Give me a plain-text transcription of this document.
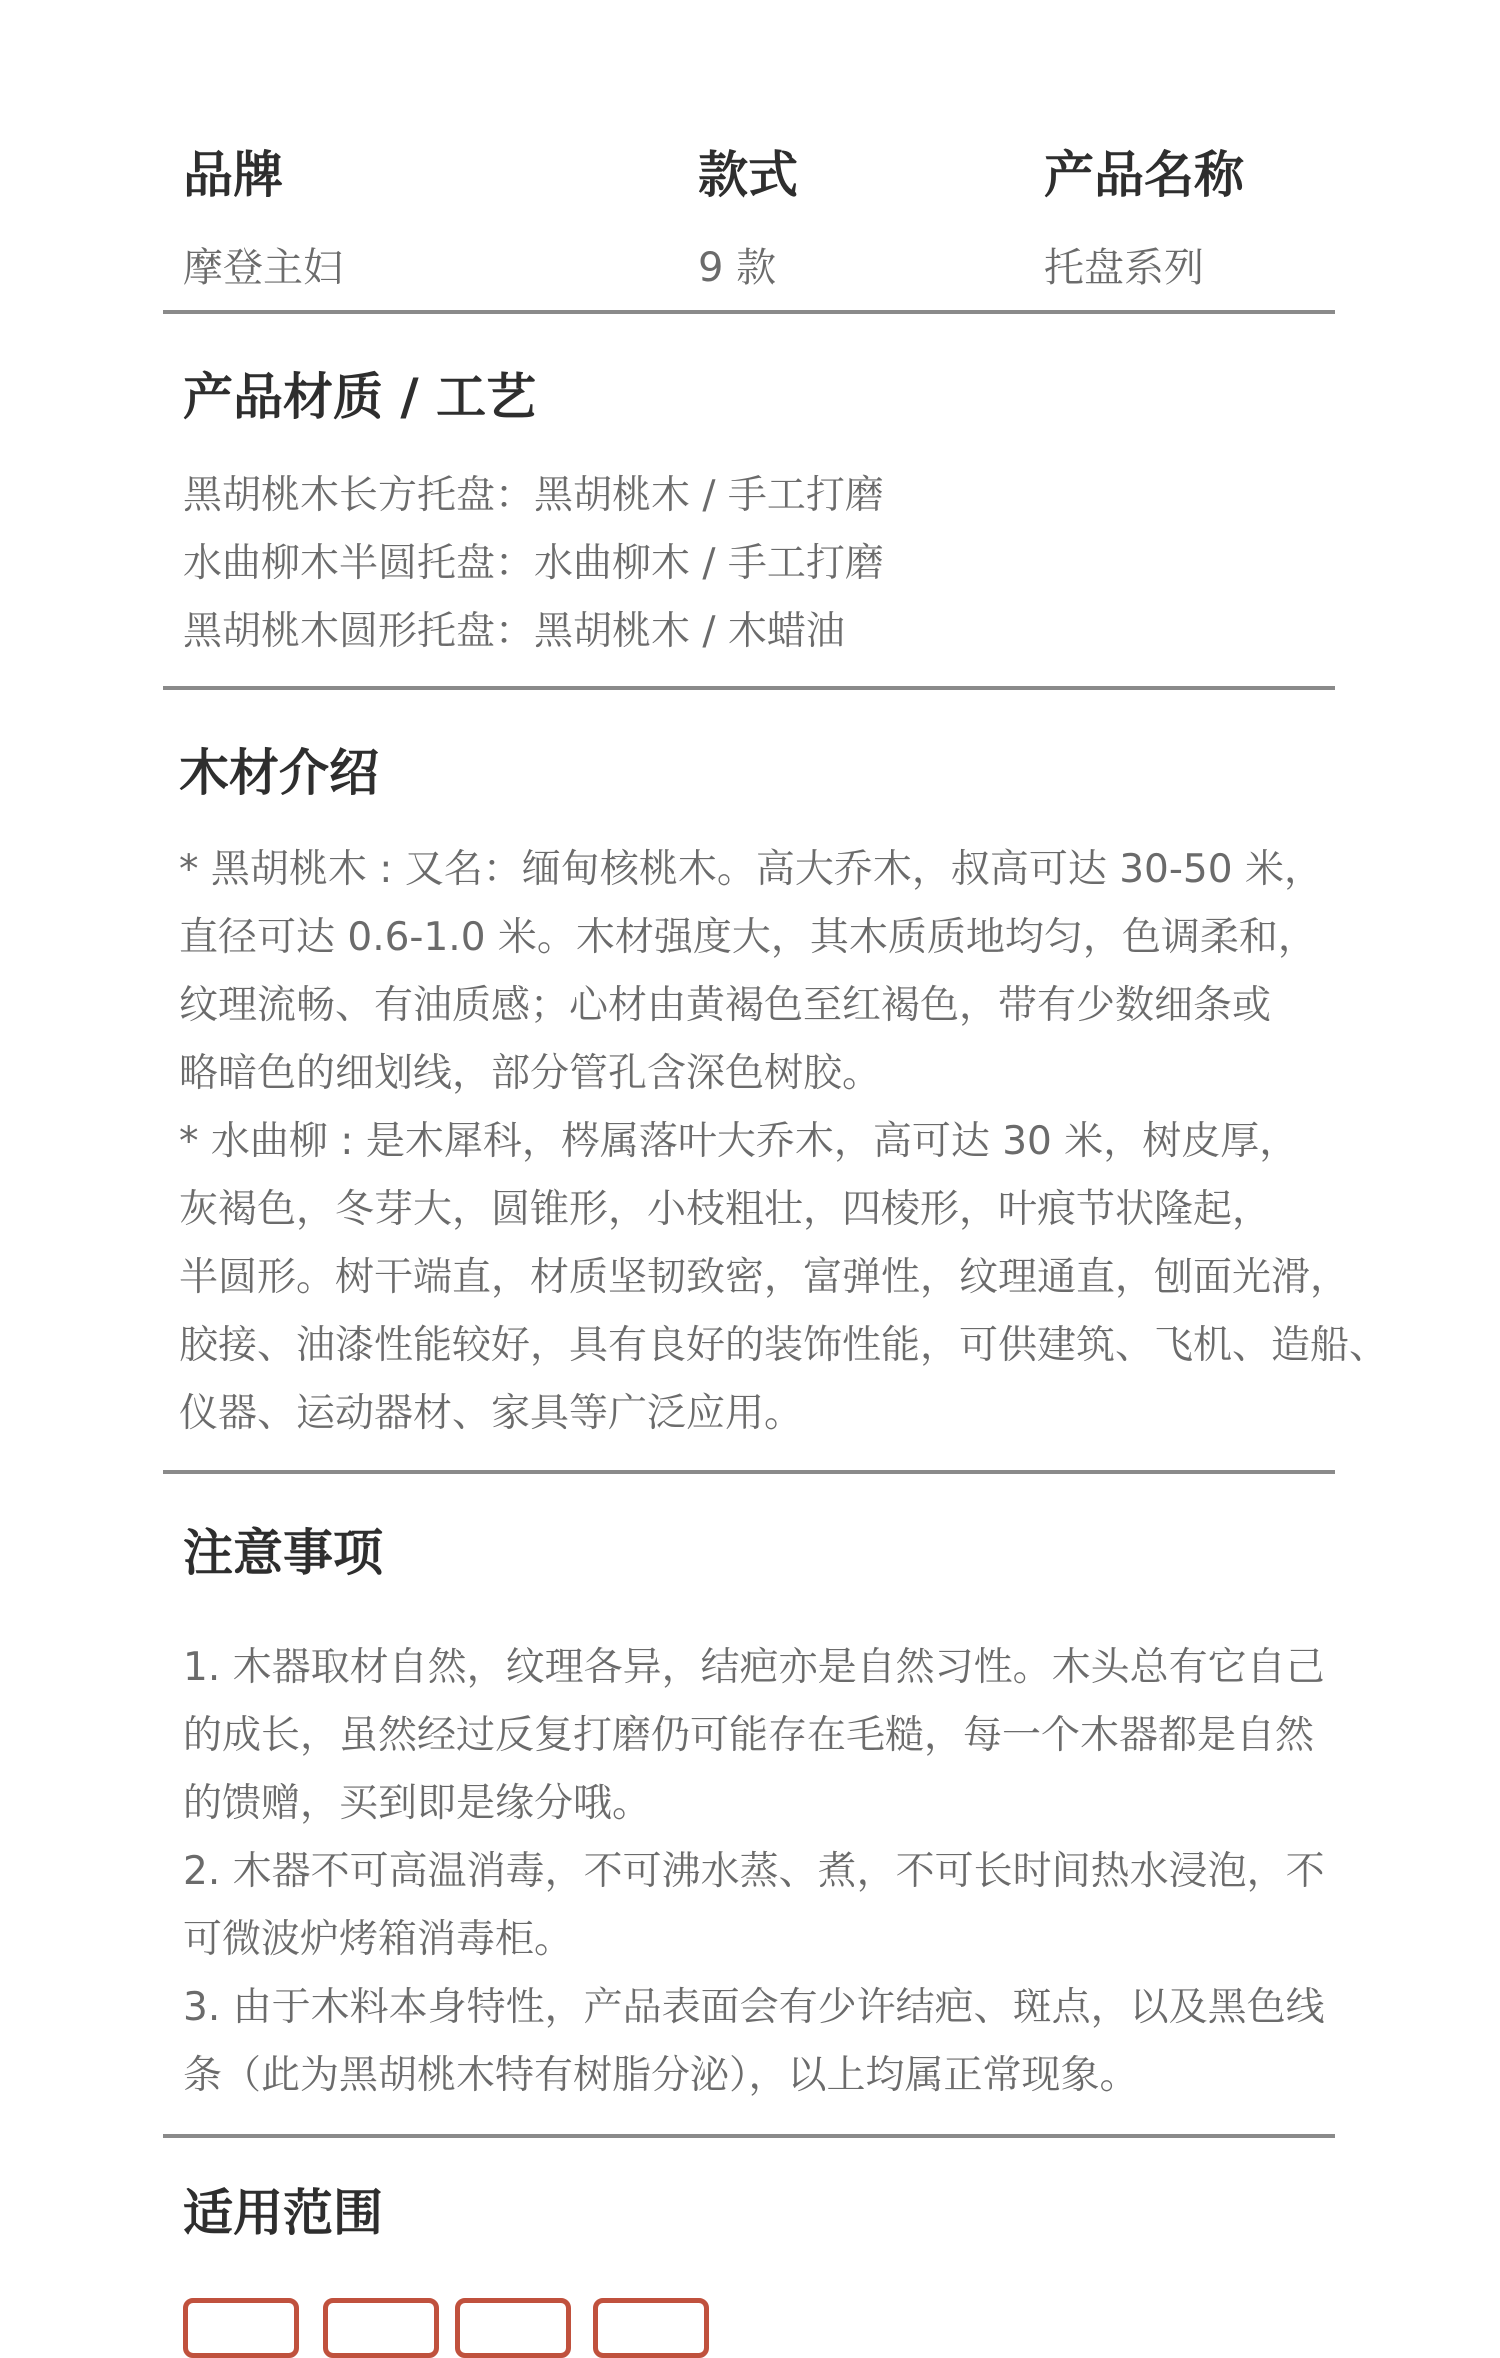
品牌	款式	产品名称
摩登主妇	9 款	托盘系列
产品材质 / 工艺
黑胡桃木长方托盘：黑胡桃木 / 手工打磨
水曲柳木半圆托盘：水曲柳木 / 手工打磨
黑胡桃木圆形托盘：黑胡桃木 / 木蜡油
木材介绍
* 黑胡桃木 : 又名：缅甸核桃木。高大乔木，叔高可达 30-50 米，
直径可达 0.6-1.0 米。木材强度大，其木质质地均匀，色调柔和，
纹理流畅、有油质感；心材由黄褐色至红褐色，带有少数细条或
略暗色的细划线，部分管孔含深色树胶。
* 水曲柳 : 是木犀科，梣属落叶大乔木，高可达 30 米，树皮厚，
灰褐色，冬芽大，圆锥形，小枝粗壮，四棱形，叶痕节状隆起，
半圆形。树干端直，材质坚韧致密，富弹性，纹理通直，刨面光滑，
胶接、油漆性能较好，具有良好的装饰性能，可供建筑、飞机、造船、
仪器、运动器材、家具等广泛应用。
注意事项
1. 木器取材自然，纹理各异，结疤亦是自然习性。木头总有它自己
的成长，虽然经过反复打磨仍可能存在毛糙，每一个木器都是自然
的馈赠，买到即是缘分哦。
2. 木器不可高温消毒，不可沸水蒸、煮，不可长时间热水浸泡，不
可微波炉烤箱消毒柜。
3. 由于木料本身特性，产品表面会有少许结疤、斑点，以及黑色线
条（此为黑胡桃木特有树脂分泌），以上均属正常现象。
适用范围
